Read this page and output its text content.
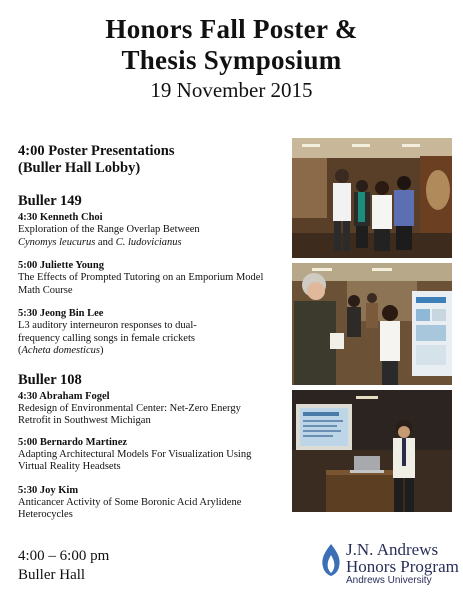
Honors Fall Poster &
Thesis Symposium
19 November 2015
4:00 Poster Presentations
(Buller Hall Lobby)
Buller 149
4:30 Kenneth Choi
Exploration of the Range Overlap Between
Cynomys leucurus and C. ludovicianus
5:00 Juliette Young
The Effects of Prompted Tutoring on an Emporium Model
Math Course
5:30 Jeong Bin Lee
L3 auditory interneuron responses to dual-
frequency calling songs in female crickets
(Acheta domesticus)
Buller 108
4:30 Abraham Fogel
Redesign of Environmental Center: Net-Zero Energy
Retrofit in Southwest Michigan
5:00 Bernardo Martinez
Adapting Architectural Models For Visualization Using
Virtual Reality Headsets
5:30 Joy Kim
Anticancer Activity of Some Boronic Acid Arylidene
Heterocycles
4:00 – 6:00 pm
Buller Hall
J.N. Andrews
Honors Program
Andrews University
